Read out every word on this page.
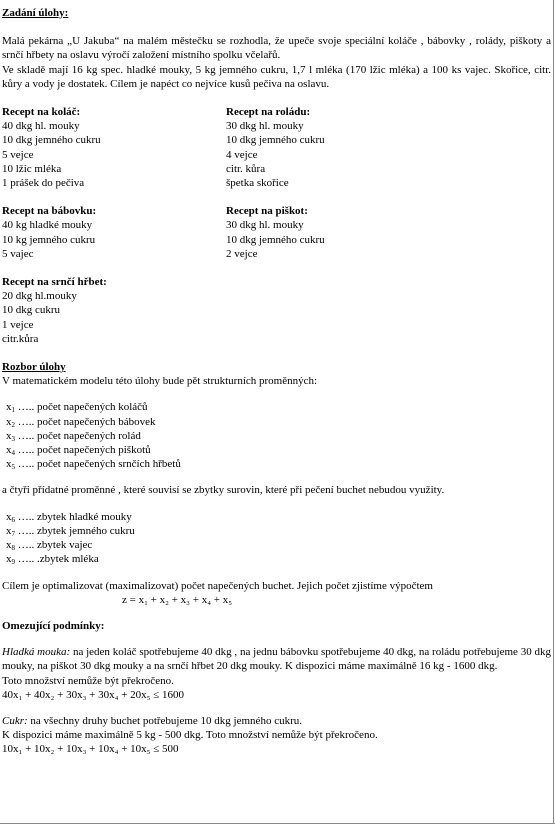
Zadání úlohy:
Malá pekárna „U Jakuba“ na malém městečku se rozhodla, že upeče svoje speciální koláče , bábovky , rolády, piškoty a srnčí hřbety na oslavu výročí založení místního spolku včelařů.
Ve skladě mají 16 kg spec. hladké mouky, 5 kg jemného cukru, 1,7 l mléka (170 lžic mléka) a 100 ks vajec. Skořice, citr. kůry a vody je dostatek. Cílem je napéct co nejvíce kusů pečiva na oslavu.
Recept na koláč:
40 dkg hl. mouky
10 dkg jemného cukru
5 vejce
10 lžic mléka
1 prášek do pečiva
Recept na roládu:
30 dkg hl. mouky
10 dkg jemného cukru
4 vejce
citr. kůra
špetka skořice
Recept na bábovku:
40 kg hladké mouky
10 kg jemného cukru
5 vajec
Recept na piškot:
30 dkg hl. mouky
10 dkg jemného cukru
2 vejce
Recept na srnčí hřbet:
20 dkg hl.mouky
10 dkg cukru
1 vejce
citr.kůra
Rozbor úlohy
V matematickém modelu této úlohy bude pět strukturních proměnných:
$x_1$ ….. počet napečených koláčů
$x_2$ ….. počet napečených bábovek
$x_3$ ….. počet napečených rolád
$x_4$ ….. počet napečených piškotů
$x_5$ ….. počet napečených srnčích hřbetů
a čtyři přídatné proměnné , které souvisí se zbytky surovin, které při pečení buchet nebudou využity.
$x_6$ ….. zbytek hladké mouky
$x_7$ ….. zbytek jemného cukru
$x_8$ ….. zbytek vajec
$x_9$ ….. .zbytek mléka
Cílem je optimalizovat (maximalizovat) počet napečených buchet. Jejich počet zjistíme výpočtem
z = x₁ + x₂ + x₃ + x₄ + x₅
Omezující podmínky:
Hladká mouka: na jeden koláč spotřebujeme 40 dkg , na jednu bábovku spotřebujeme 40 dkg, na roládu potřebujeme 30 dkg mouky, na piškot 30 dkg mouky a na srnčí hřbet 20 dkg mouky. K dispozici máme maximálně 16 kg - 1600 dkg.
Toto množství nemůže být překročeno.
40x₁ + 40x₂ + 30x₃ + 30x₄ + 20x₅ ≤ 1600
Cukr: na všechny druhy buchet potřebujeme 10 dkg jemného cukru.
K dispozici máme maximálně 5 kg - 500 dkg. Toto množství nemůže být překročeno.
10x₁ + 10x₂ + 10x₃ + 10x₄ + 10x₅ ≤ 500
